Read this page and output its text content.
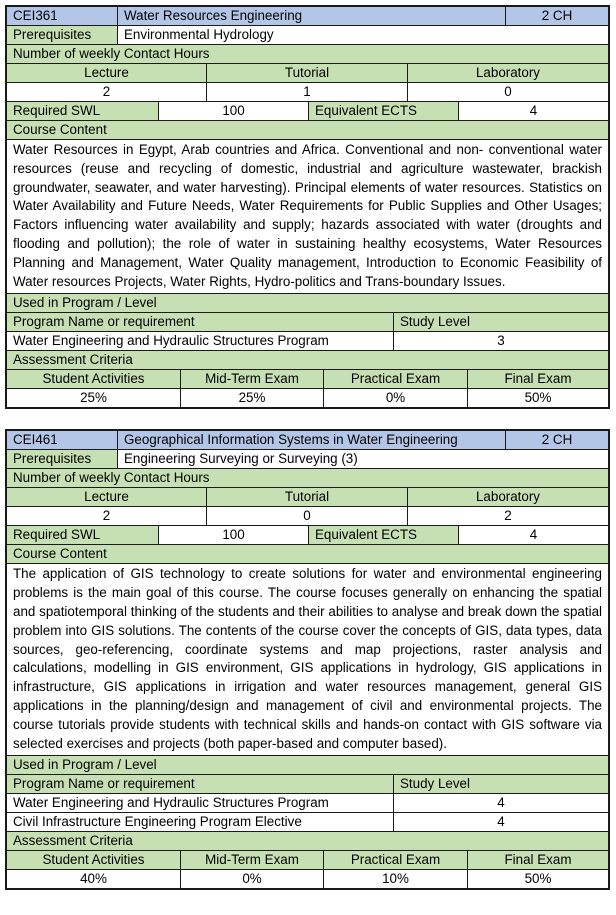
CEI361	Water Resources Engineering	2 CH
Prerequisites	Environmental Hydrology
Number of weekly Contact Hours
Lecture	Tutorial	Laboratory
2	1	0
Required SWL	100	Equivalent ECTS	4
Course Content
Water Resources in Egypt, Arab countries and Africa. Conventional and non- conventional water resources (reuse and recycling of domestic, industrial and agriculture wastewater, brackish groundwater, seawater, and water harvesting). Principal elements of water resources. Statistics on Water Availability and Future Needs, Water Requirements for Public Supplies and Other Usages; Factors influencing water availability and supply; hazards associated with water (droughts and flooding and pollution); the role of water in sustaining healthy ecosystems, Water Resources Planning and Management, Water Quality management, Introduction to Economic Feasibility of Water resources Projects, Water Rights, Hydro-politics and Trans-boundary Issues.
Used in Program / Level
Program Name or requirement	Study Level
Water Engineering and Hydraulic Structures Program	3
Assessment Criteria
Student Activities	Mid-Term Exam	Practical Exam	Final Exam
25%	25%	0%	50%
CEI461	Geographical Information Systems in Water Engineering	2 CH
Prerequisites	Engineering Surveying or Surveying (3)
Number of weekly Contact Hours
Lecture	Tutorial	Laboratory
2	0	2
Required SWL	100	Equivalent ECTS	4
Course Content
The application of GIS technology to create solutions for water and environmental engineering problems is the main goal of this course. The course focuses generally on enhancing the spatial and spatiotemporal thinking of the students and their abilities to analyse and break down the spatial problem into GIS solutions. The contents of the course cover the concepts of GIS, data types, data sources, geo-referencing, coordinate systems and map projections, raster analysis and calculations, modelling in GIS environment, GIS applications in hydrology, GIS applications in infrastructure, GIS applications in irrigation and water resources management, general GIS applications in the planning/design and management of civil and environmental projects. The course tutorials provide students with technical skills and hands-on contact with GIS software via selected exercises and projects (both paper-based and computer based).
Used in Program / Level
Program Name or requirement	Study Level
Water Engineering and Hydraulic Structures Program	4
Civil Infrastructure Engineering Program Elective	4
Assessment Criteria
Student Activities	Mid-Term Exam	Practical Exam	Final Exam
40%	0%	10%	50%
